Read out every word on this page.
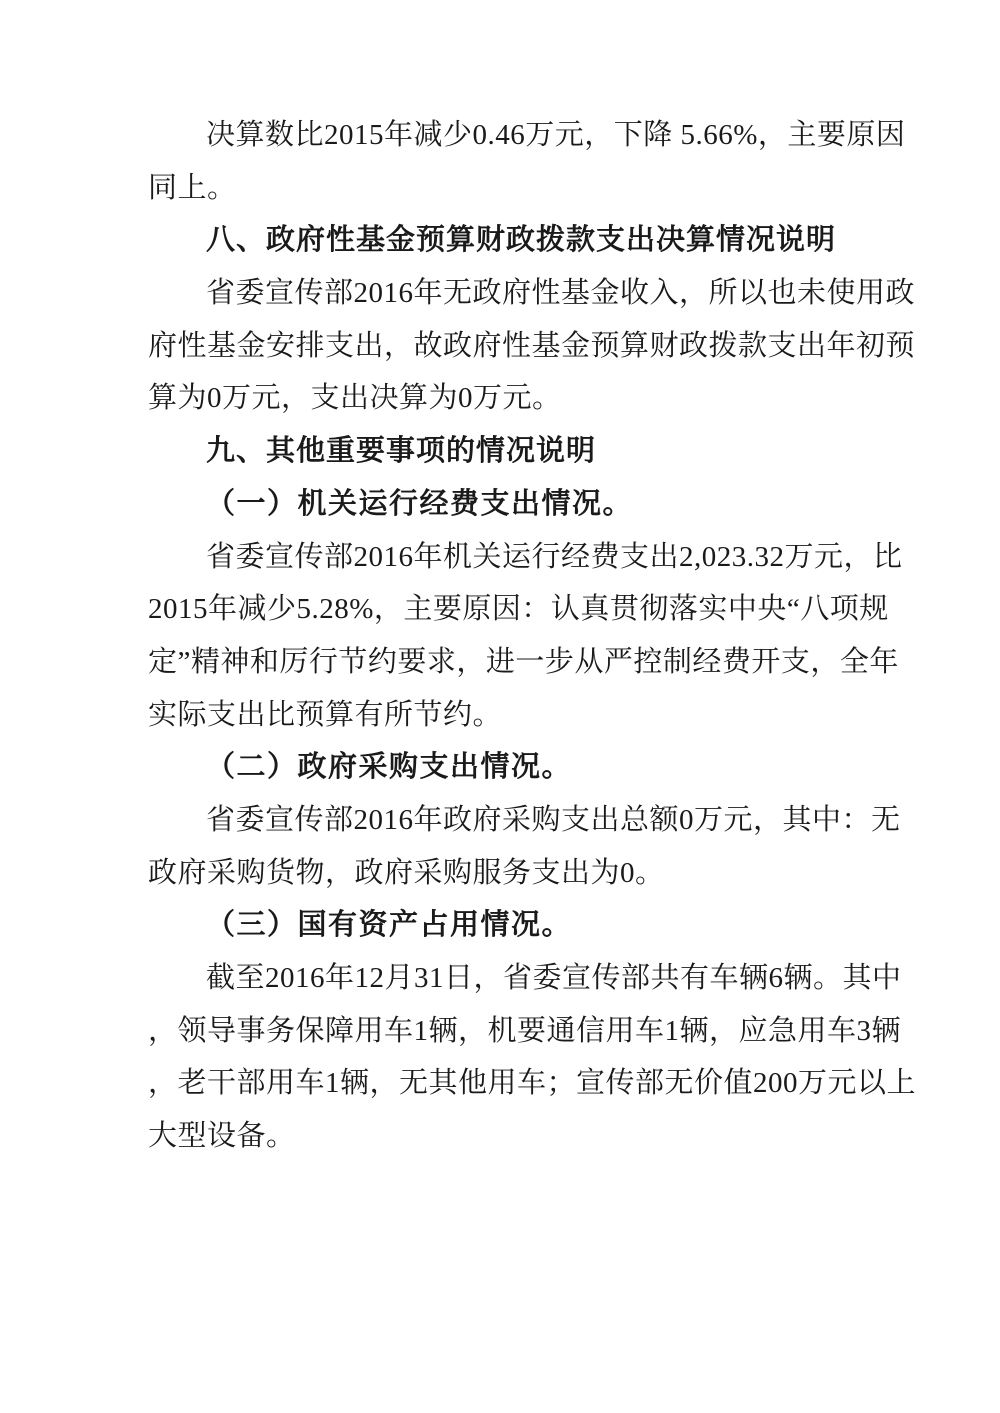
决算数比2015年减少0.46万元，下降 5.66%，主要原因
同上。
八、政府性基金预算财政拨款支出决算情况说明
省委宣传部2016年无政府性基金收入，所以也未使用政
府性基金安排支出，故政府性基金预算财政拨款支出年初预
算为0万元，支出决算为0万元。
九、其他重要事项的情况说明
（一）机关运行经费支出情况。
省委宣传部2016年机关运行经费支出2,023.32万元，比
2015年减少5.28%，主要原因：认真贯彻落实中央“八项规
定”精神和厉行节约要求，进一步从严控制经费开支，全年
实际支出比预算有所节约。
（二）政府采购支出情况。
省委宣传部2016年政府采购支出总额0万元，其中：无
政府采购货物，政府采购服务支出为0。
（三）国有资产占用情况。
截至2016年12月31日，省委宣传部共有车辆6辆。其中
，领导事务保障用车1辆，机要通信用车1辆，应急用车3辆
，老干部用车1辆，无其他用车；宣传部无价值200万元以上
大型设备。
